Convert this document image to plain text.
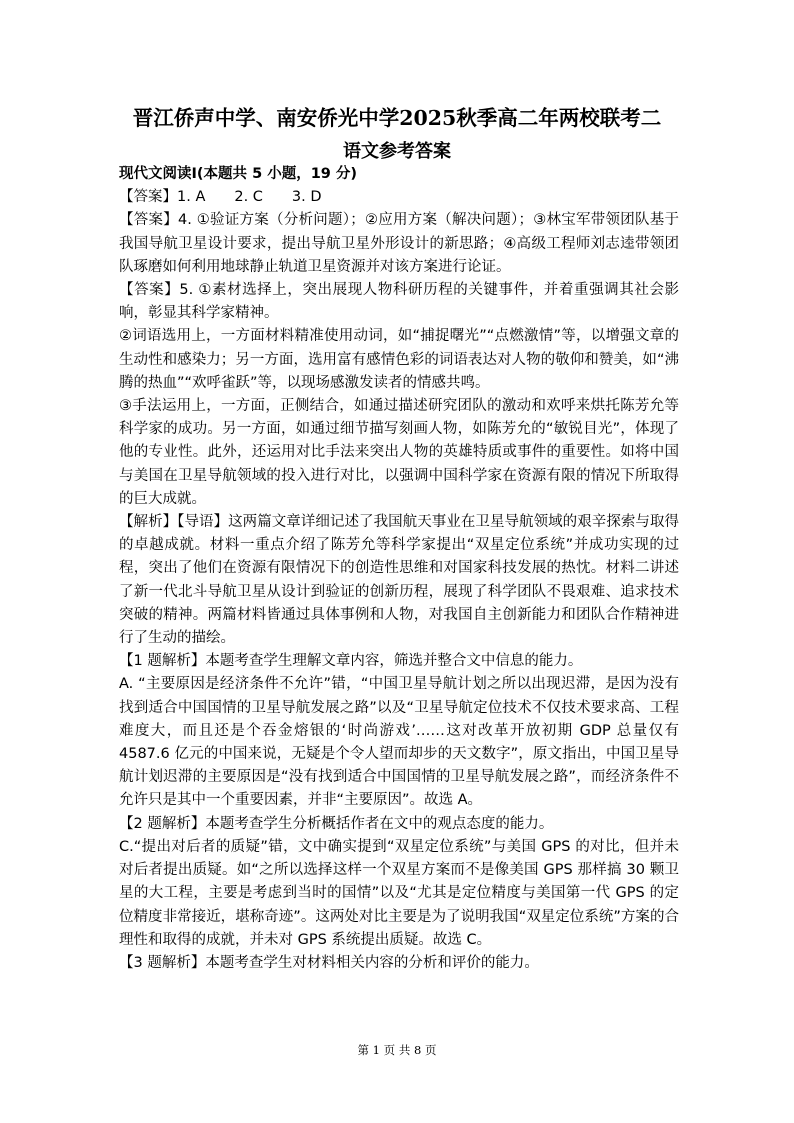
晋江侨声中学、南安侨光中学2025秋季高二年两校联考二
语文参考答案

现代文阅读Ⅰ(本题共 5 小题，19 分)

【答案】1. A　　2. C　　3. D

【答案】4. ①验证方案（分析问题）；②应用方案（解决问题）；③林宝军带领团队基于我国导航卫星设计要求，提出导航卫星外形设计的新思路；④高级工程师刘志逵带领团队琢磨如何利用地球静止轨道卫星资源并对该方案进行论证。

【答案】5. ①素材选择上，突出展现人物科研历程的关键事件，并着重强调其社会影响，彰显其科学家精神。

②词语选用上，一方面材料精准使用动词，如“捕捉曙光”“点燃激情”等，以增强文章的生动性和感染力；另一方面，选用富有感情色彩的词语表达对人物的敬仰和赞美，如“沸腾的热血”“欢呼雀跃”等，以现场感激发读者的情感共鸣。

③手法运用上，一方面，正侧结合，如通过描述研究团队的激动和欢呼来烘托陈芳允等科学家的成功。另一方面，如通过细节描写刻画人物，如陈芳允的“敏锐目光”，体现了他的专业性。此外，还运用对比手法来突出人物的英雄特质或事件的重要性。如将中国与美国在卫星导航领域的投入进行对比，以强调中国科学家在资源有限的情况下所取得的巨大成就。

【解析】【导语】这两篇文章详细记述了我国航天事业在卫星导航领域的艰辛探索与取得的卓越成就。材料一重点介绍了陈芳允等科学家提出“双星定位系统”并成功实现的过程，突出了他们在资源有限情况下的创造性思维和对国家科技发展的热忱。材料二讲述了新一代北斗导航卫星从设计到验证的创新历程，展现了科学团队不畏艰难、追求技术突破的精神。两篇材料皆通过具体事例和人物，对我国自主创新能力和团队合作精神进行了生动的描绘。

【1 题解析】本题考查学生理解文章内容，筛选并整合文中信息的能力。

A. “主要原因是经济条件不允许”错，“中国卫星导航计划之所以出现迟滞，是因为没有找到适合中国国情的卫星导航发展之路”以及“卫星导航定位技术不仅技术要求高、工程难度大，而且还是个吞金熔银的‘时尚游戏’……这对改革开放初期 GDP 总量仅有 4587.6 亿元的中国来说，无疑是个令人望而却步的天文数字”，原文指出，中国卫星导航计划迟滞的主要原因是“没有找到适合中国国情的卫星导航发展之路”，而经济条件不允许只是其中一个重要因素，并非“主要原因”。故选 A。

【2 题解析】本题考查学生分析概括作者在文中的观点态度的能力。

C.“提出对后者的质疑”错，文中确实提到“双星定位系统”与美国 GPS 的对比，但并未对后者提出质疑。如“之所以选择这样一个双星方案而不是像美国 GPS 那样搞 30 颗卫星的大工程，主要是考虑到当时的国情”以及“尤其是定位精度与美国第一代 GPS 的定位精度非常接近，堪称奇迹”。这两处对比主要是为了说明我国“双星定位系统”方案的合理性和取得的成就，并未对 GPS 系统提出质疑。故选 C。

【3 题解析】本题考查学生对材料相关内容的分析和评价的能力。

第 1 页 共 8 页
